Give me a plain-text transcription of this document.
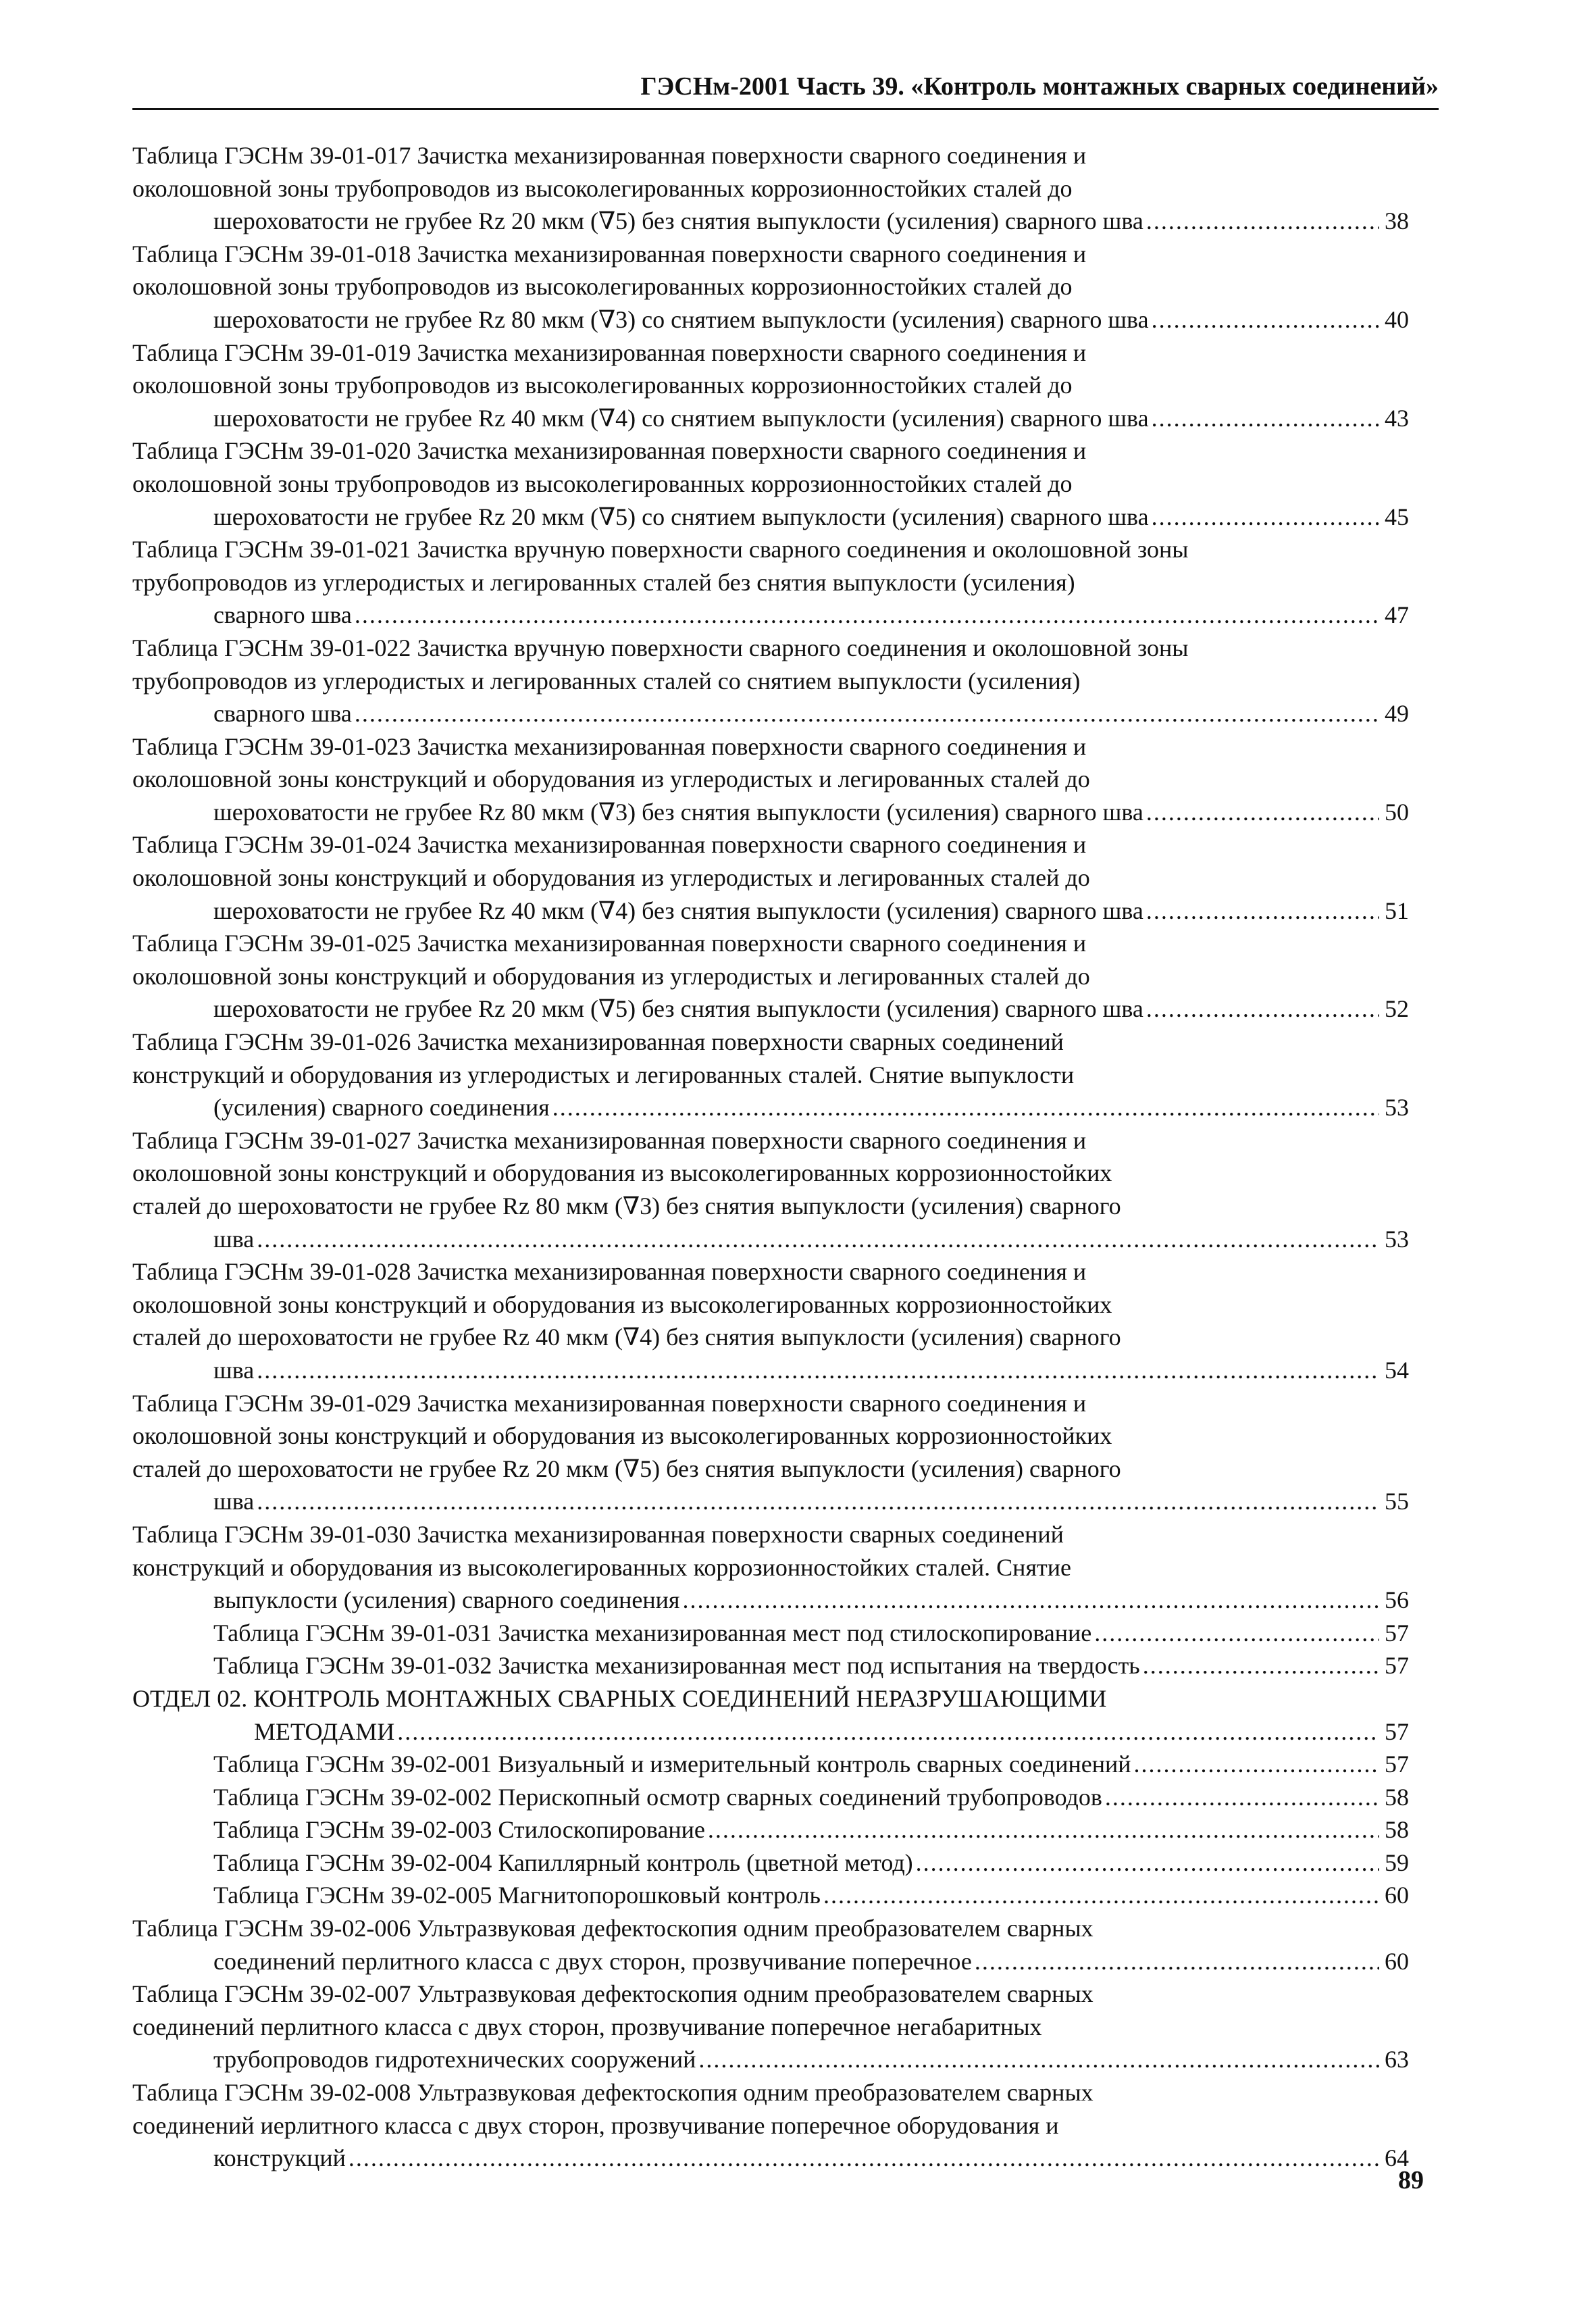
ГЭСНм-2001 Часть 39. «Контроль монтажных сварных соединений»
Таблица ГЭСНм 39-01-017 Зачистка механизированная поверхности сварного соединения и
околошовной зоны трубопроводов из высоколегированных коррозионностойких сталей до
шероховатости не грубее Rz 20 мкм (∇5) без снятия выпуклости (усиления) сварного шва .....	38
Таблица ГЭСНм 39-01-018 Зачистка механизированная поверхности сварного соединения и
околошовной зоны трубопроводов из высоколегированных коррозионностойких сталей до
шероховатости не грубее Rz 80 мкм (∇3) со снятием выпуклости (усиления) сварного шва .....	40
Таблица ГЭСНм 39-01-019 Зачистка механизированная поверхности сварного соединения и
околошовной зоны трубопроводов из высоколегированных коррозионностойких сталей до
шероховатости не грубее Rz 40 мкм (∇4) со снятием выпуклости (усиления) сварного шва .....	43
Таблица ГЭСНм 39-01-020 Зачистка механизированная поверхности сварного соединения и
околошовной зоны трубопроводов из высоколегированных коррозионностойких сталей до
шероховатости не грубее Rz 20 мкм (∇5) со снятием выпуклости (усиления) сварного шва .....	45
Таблица ГЭСНм 39-01-021 Зачистка вручную поверхности сварного соединения и околошовной зоны
трубопроводов из углеродистых и легированных сталей без снятия выпуклости (усиления)
сварного шва .....	47
Таблица ГЭСНм 39-01-022 Зачистка вручную поверхности сварного соединения и околошовной зоны
трубопроводов из углеродистых и легированных сталей со снятием выпуклости (усиления)
сварного шва .....	49
Таблица ГЭСНм 39-01-023 Зачистка механизированная поверхности сварного соединения и
околошовной зоны конструкций и оборудования из углеродистых и легированных сталей до
шероховатости не грубее Rz 80 мкм (∇3) без снятия выпуклости (усиления) сварного шва .....	50
Таблица ГЭСНм 39-01-024 Зачистка механизированная поверхности сварного соединения и
околошовной зоны конструкций и оборудования из углеродистых и легированных сталей до
шероховатости не грубее Rz 40 мкм (∇4) без снятия выпуклости (усиления) сварного шва .....	51
Таблица ГЭСНм 39-01-025 Зачистка механизированная поверхности сварного соединения и
околошовной зоны конструкций и оборудования из углеродистых и легированных сталей до
шероховатости не грубее Rz 20 мкм (∇5) без снятия выпуклости (усиления) сварного шва .....	52
Таблица ГЭСНм 39-01-026 Зачистка механизированная поверхности сварных соединений
конструкций и оборудования из углеродистых и легированных сталей. Снятие выпуклости
(усиления) сварного соединения .....	53
Таблица ГЭСНм 39-01-027 Зачистка механизированная поверхности сварного соединения и
околошовной зоны конструкций и оборудования из высоколегированных коррозионностойких
сталей до шероховатости не грубее Rz 80 мкм (∇3) без снятия выпуклости (усиления) сварного
шва .....	53
Таблица ГЭСНм 39-01-028 Зачистка механизированная поверхности сварного соединения и
околошовной зоны конструкций и оборудования из высоколегированных коррозионностойких
сталей до шероховатости не грубее Rz 40 мкм (∇4) без снятия выпуклости (усиления) сварного
шва .....	54
Таблица ГЭСНм 39-01-029 Зачистка механизированная поверхности сварного соединения и
околошовной зоны конструкций и оборудования из высоколегированных коррозионностойких
сталей до шероховатости не грубее Rz 20 мкм (∇5) без снятия выпуклости (усиления) сварного
шва .....	55
Таблица ГЭСНм 39-01-030 Зачистка механизированная поверхности сварных соединений
конструкций и оборудования из высоколегированных коррозионностойких сталей. Снятие
выпуклости (усиления) сварного соединения .....	56
Таблица ГЭСНм 39-01-031 Зачистка механизированная мест под стилоскопирование .....	57
Таблица ГЭСНм 39-01-032 Зачистка механизированная мест под испытания на твердость .....	57
ОТДЕЛ 02. КОНТРОЛЬ МОНТАЖНЫХ СВАРНЫХ СОЕДИНЕНИЙ НЕРАЗРУШАЮЩИМИ
МЕТОДАМИ .....	57
Таблица ГЭСНм 39-02-001 Визуальный и измерительный контроль сварных соединений .....	57
Таблица ГЭСНм 39-02-002 Перископный осмотр сварных соединений трубопроводов .....	58
Таблица ГЭСНм 39-02-003 Стилоскопирование .....	58
Таблица ГЭСНм 39-02-004 Капиллярный контроль (цветной метод) .....	59
Таблица ГЭСНм 39-02-005 Магнитопорошковый контроль .....	60
Таблица ГЭСНм 39-02-006 Ультразвуковая дефектоскопия одним преобразователем сварных
соединений перлитного класса с двух сторон, прозвучивание поперечное .....	60
Таблица ГЭСНм 39-02-007 Ультразвуковая дефектоскопия одним преобразователем сварных
соединений перлитного класса с двух сторон, прозвучивание поперечное негабаритных
трубопроводов гидротехнических сооружений .....	63
Таблица ГЭСНм 39-02-008 Ультразвуковая дефектоскопия одним преобразователем сварных
соединений иерлитного класса с двух сторон, прозвучивание поперечное оборудования и
конструкций .....	64
89
